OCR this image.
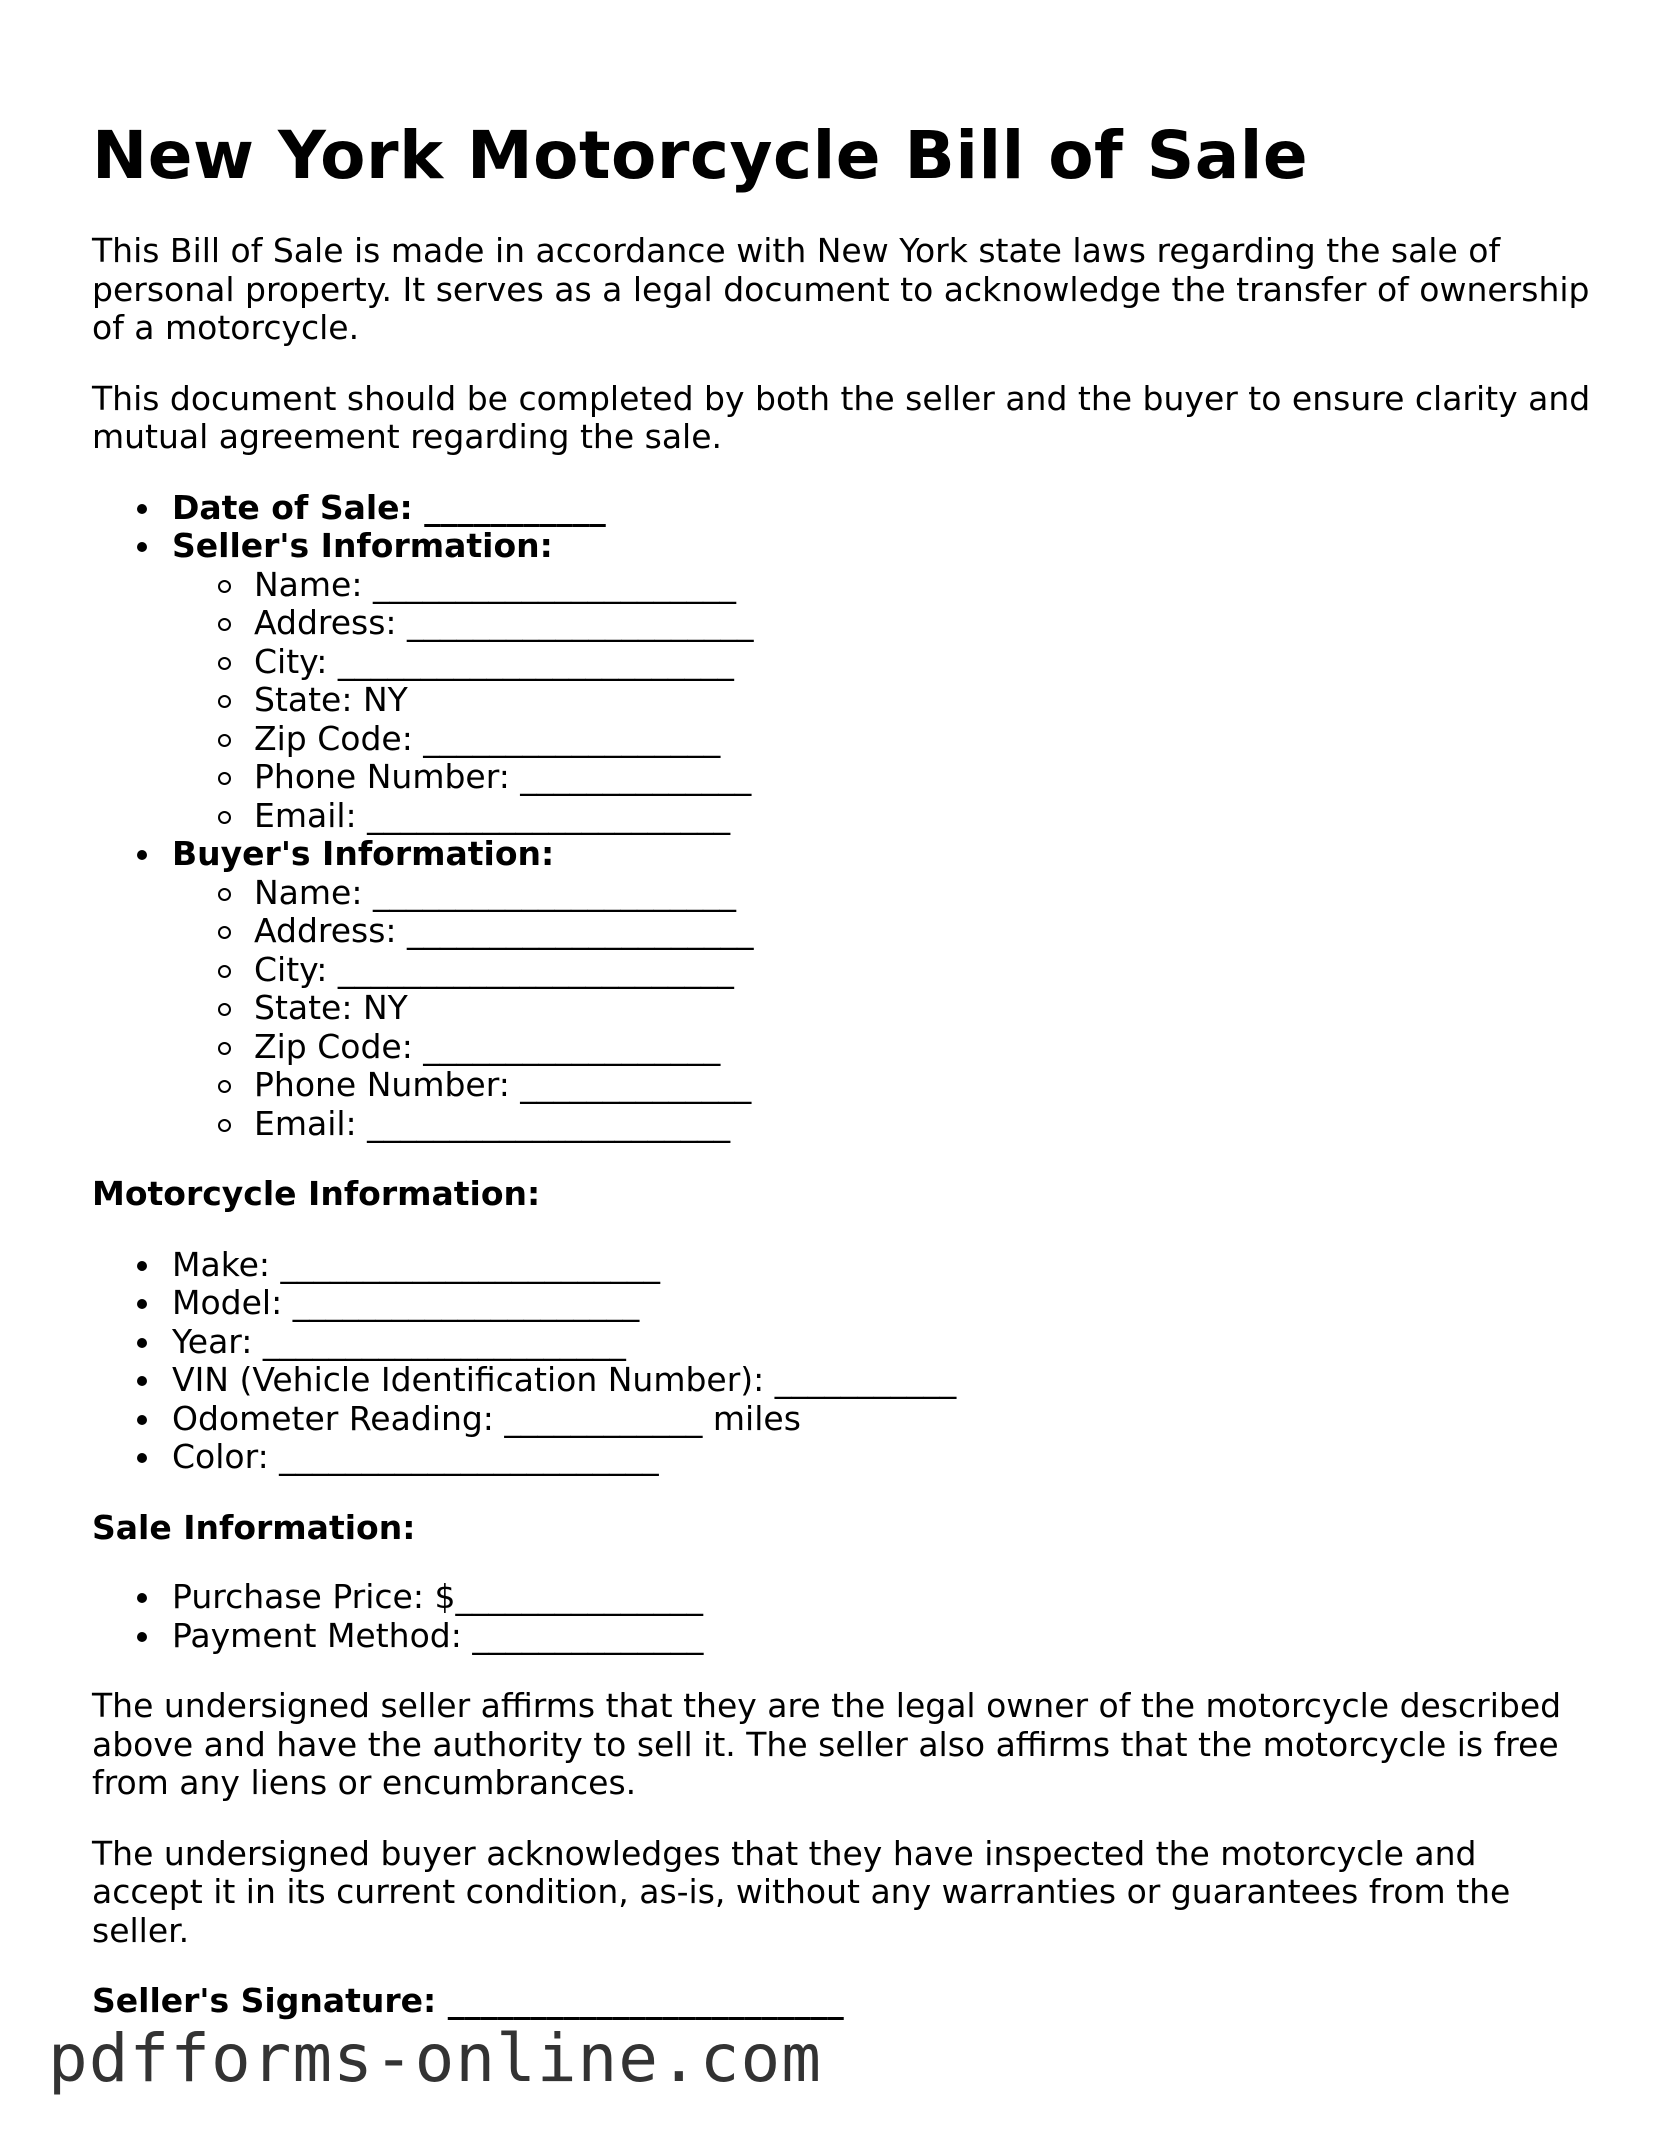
New York Motorcycle Bill of Sale

This Bill of Sale is made in accordance with New York state laws regarding the sale of personal property. It serves as a legal document to acknowledge the transfer of ownership of a motorcycle.

This document should be completed by both the seller and the buyer to ensure clarity and mutual agreement regarding the sale.

Date of Sale: ___________
Seller's Information:
Name: ______________________
Address: _____________________
City: ________________________
State: NY
Zip Code: __________________
Phone Number: ______________
Email: ______________________
Buyer's Information:
Name: ______________________
Address: _____________________
City: ________________________
State: NY
Zip Code: __________________
Phone Number: ______________
Email: ______________________
Motorcycle Information:
Make: _______________________
Model: _____________________
Year: ______________________
VIN (Vehicle Identification Number): ___________
Odometer Reading: ____________ miles
Color: _______________________
Sale Information:
Purchase Price: $_______________
Payment Method: ______________

The undersigned seller affirms that they are the legal owner of the motorcycle described above and have the authority to sell it. The seller also affirms that the motorcycle is free from any liens or encumbrances.

The undersigned buyer acknowledges that they have inspected the motorcycle and accept it in its current condition, as-is, without any warranties or guarantees from the seller.

Seller's Signature: ________________________
pdfforms-online.com
